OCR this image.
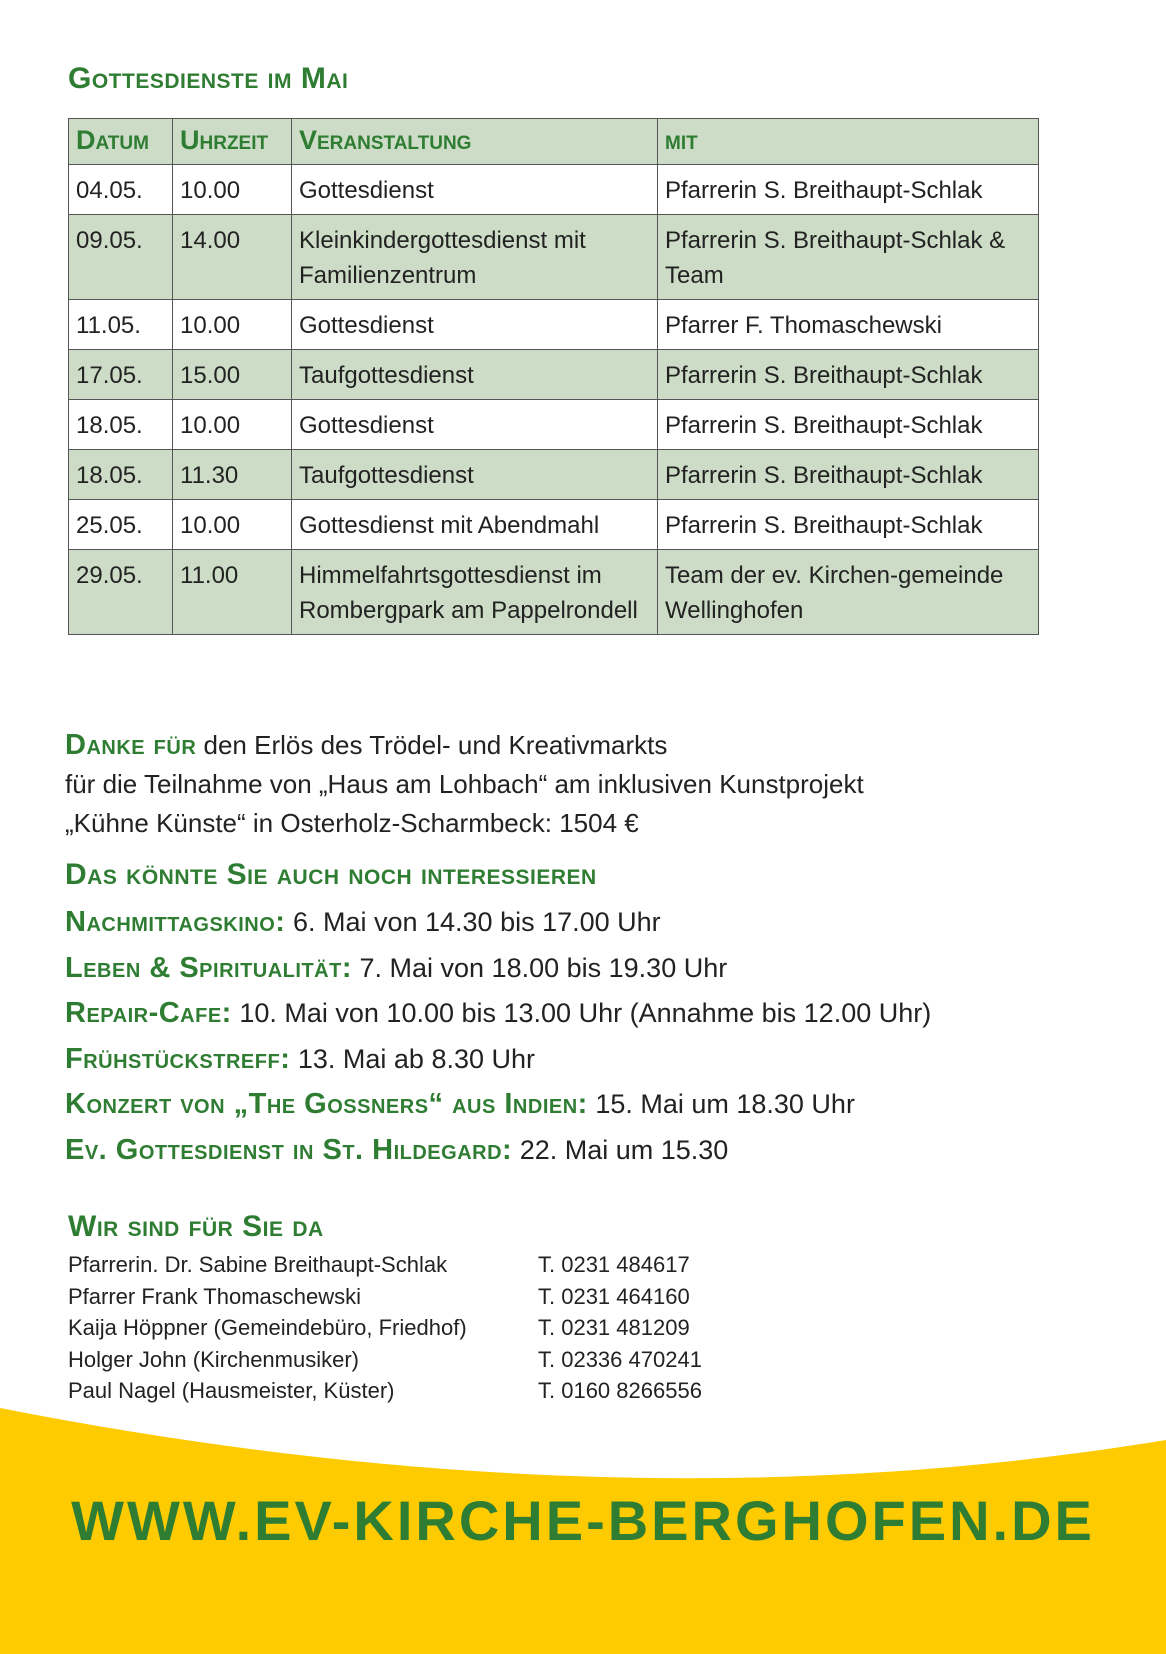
Gottesdienste im Mai
Datum	Uhrzeit	Veranstaltung	mit
04.05.	10.00	Gottesdienst	Pfarrerin S. Breithaupt-Schlak
09.05.	14.00	Kleinkindergottesdienst mit Familienzentrum	Pfarrerin S. Breithaupt-Schlak & Team
11.05.	10.00	Gottesdienst	Pfarrer F. Thomaschewski
17.05.	15.00	Taufgottesdienst	Pfarrerin S. Breithaupt-Schlak
18.05.	10.00	Gottesdienst	Pfarrerin S. Breithaupt-Schlak
18.05.	11.30	Taufgottesdienst	Pfarrerin S. Breithaupt-Schlak
25.05.	10.00	Gottesdienst mit Abendmahl	Pfarrerin S. Breithaupt-Schlak
29.05.	11.00	Himmelfahrtsgottesdienst im Rombergpark am Pappelrondell	Team der ev. Kirchen-gemeinde Wellinghofen
Danke für den Erlös des Trödel- und Kreativmarkts
für die Teilnahme von „Haus am Lohbach“ am inklusiven Kunstprojekt
„Kühne Künste“ in Osterholz-Scharmbeck: 1504 €
Das könnte Sie auch noch interessieren
Nachmittagskino: 6. Mai von 14.30 bis 17.00 Uhr
Leben & Spiritualität: 7. Mai von 18.00 bis 19.30 Uhr
Repair-Cafe: 10. Mai von 10.00 bis 13.00 Uhr (Annahme bis 12.00 Uhr)
Frühstückstreff: 13. Mai ab 8.30 Uhr
Konzert von „The Gossners“ aus Indien: 15. Mai um 18.30 Uhr
Ev. Gottesdienst in St. Hildegard: 22. Mai um 15.30
Wir sind für Sie da
Pfarrerin. Dr. Sabine Breithaupt-Schlak	T. 0231 484617
Pfarrer Frank Thomaschewski	T. 0231 464160
Kaija Höppner (Gemeindebüro, Friedhof)	T. 0231 481209
Holger John (Kirchenmusiker)	T. 02336 470241
Paul Nagel (Hausmeister, Küster)	T. 0160 8266556
WWW.EV-KIRCHE-BERGHOFEN.DE
